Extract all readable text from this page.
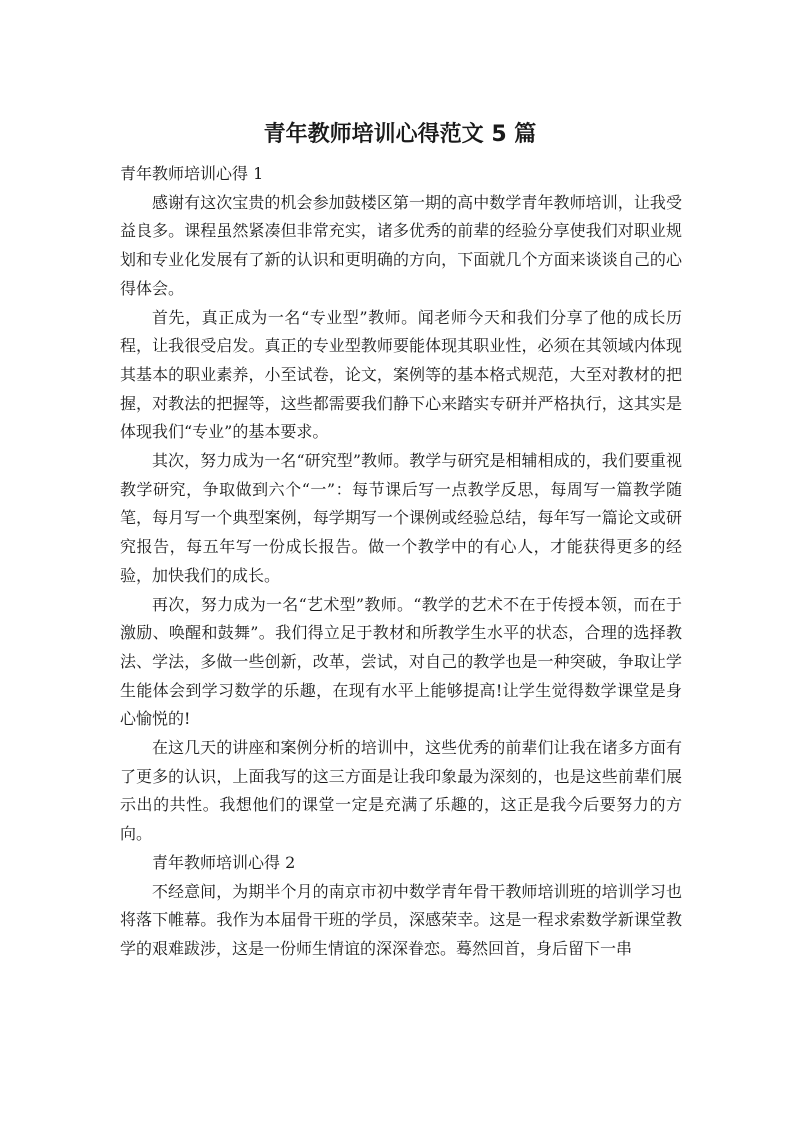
青年教师培训心得范文 5 篇
青年教师培训心得 1

感谢有这次宝贵的机会参加鼓楼区第一期的高中数学青年教师培训，让我受益良多。课程虽然紧凑但非常充实，诸多优秀的前辈的经验分享使我们对职业规划和专业化发展有了新的认识和更明确的方向，下面就几个方面来谈谈自己的心得体会。

首先，真正成为一名“专业型”教师。闻老师今天和我们分享了他的成长历程，让我很受启发。真正的专业型教师要能体现其职业性，必须在其领域内体现其基本的职业素养，小至试卷，论文，案例等的基本格式规范，大至对教材的把握，对教法的把握等，这些都需要我们静下心来踏实专研并严格执行，这其实是体现我们“专业”的基本要求。

其次，努力成为一名“研究型”教师。教学与研究是相辅相成的，我们要重视教学研究，争取做到六个“一”：每节课后写一点教学反思，每周写一篇教学随笔，每月写一个典型案例，每学期写一个课例或经验总结，每年写一篇论文或研究报告，每五年写一份成长报告。做一个教学中的有心人，才能获得更多的经验，加快我们的成长。

再次，努力成为一名“艺术型”教师。“教学的艺术不在于传授本领，而在于激励、唤醒和鼓舞”。我们得立足于教材和所教学生水平的状态，合理的选择教法、学法，多做一些创新，改革，尝试，对自己的教学也是一种突破，争取让学生能体会到学习数学的乐趣，在现有水平上能够提高!让学生觉得数学课堂是身心愉悦的!

在这几天的讲座和案例分析的培训中，这些优秀的前辈们让我在诸多方面有了更多的认识，上面我写的这三方面是让我印象最为深刻的，也是这些前辈们展示出的共性。我想他们的课堂一定是充满了乐趣的，这正是我今后要努力的方向。

青年教师培训心得 2

不经意间，为期半个月的南京市初中数学青年骨干教师培训班的培训学习也将落下帷幕。我作为本届骨干班的学员，深感荣幸。这是一程求索数学新课堂教学的艰难跋涉，这是一份师生情谊的深深眷恋。蓦然回首，身后留下一串
